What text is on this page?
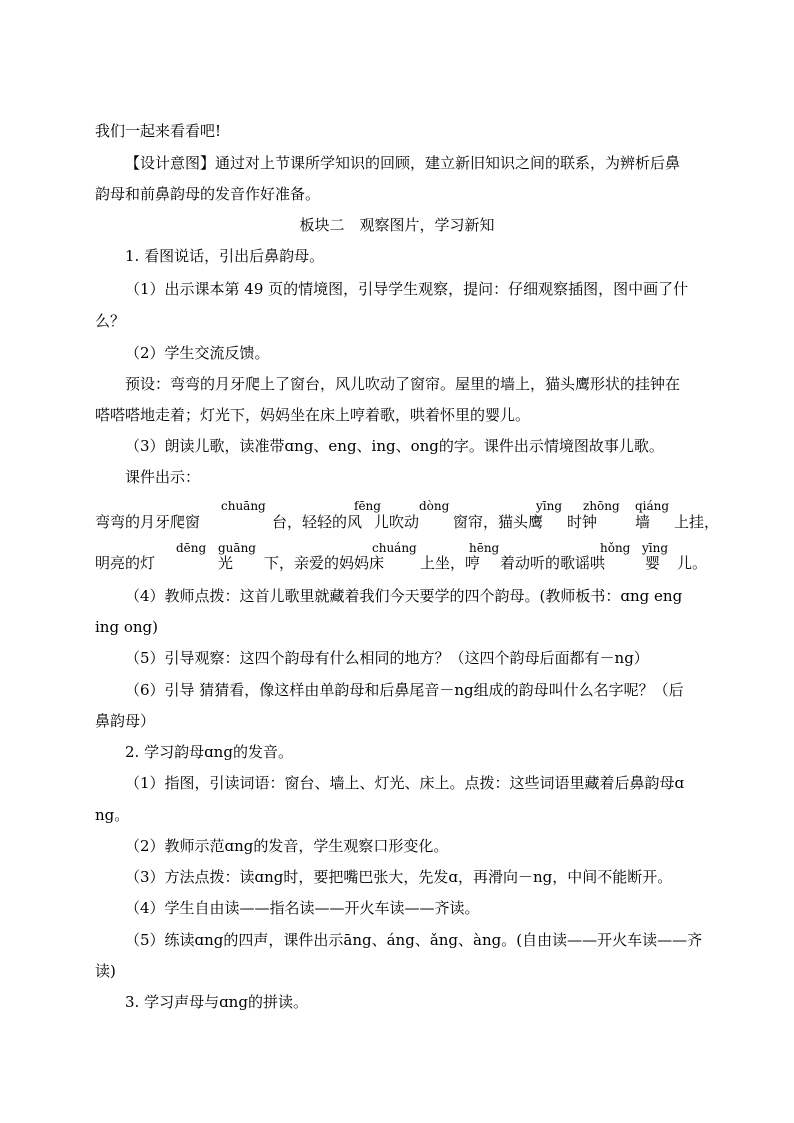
我们一起来看看吧!
【设计意图】通过对上节课所学知识的回顾，建立新旧知识之间的联系，为辨析后鼻
韵母和前鼻韵母的发音作好准备。
板块二　观察图片，学习新知
1. 看图说话，引出后鼻韵母。
（1）出示课本第 49 页的情境图，引导学生观察，提问：仔细观察插图，图中画了什
么？
（2）学生交流反馈。
预设：弯弯的月牙爬上了窗台，风儿吹动了窗帘。屋里的墙上，猫头鹰形状的挂钟在
嗒嗒嗒地走着；灯光下，妈妈坐在床上哼着歌，哄着怀里的婴儿。
（3）朗读儿歌，读准带ɑng、eng、ing、ong的字。课件出示情境图故事儿歌。
课件出示：
chuāng	fēng	dòng	yīng zhōng qiáng
弯弯的月牙爬窗	台，轻轻的风 儿吹动 窗帘，猫头鹰 时钟	墙 上挂，
dēng guāng	chuáng	hēng	hǒng yīng
明亮的灯	光 下，亲爱的妈妈床 上坐，哼 着动听的歌谣哄	婴 儿。
（4）教师点拨：这首儿歌里就藏着我们今天要学的四个韵母。(教师板书：ɑng eng
ing ong)
（5）引导观察：这四个韵母有什么相同的地方？（这四个韵母后面都有－ng）
（6）引导 猜猜看，像这样由单韵母和后鼻尾音－ng组成的韵母叫什么名字呢？（后
鼻韵母）
2. 学习韵母ɑng的发音。
（1）指图，引读词语：窗台、墙上、灯光、床上。点拨：这些词语里藏着后鼻韵母ɑ
ng。
（2）教师示范ɑng的发音，学生观察口形变化。
（3）方法点拨：读ɑng时，要把嘴巴张大，先发ɑ，再滑向－ng，中间不能断开。
（4）学生自由读——指名读——开火车读——齐读。
（5）练读ɑng的四声，课件出示āng、áng、ǎng、àng。(自由读——开火车读——齐
读)
3. 学习声母与ɑng的拼读。
